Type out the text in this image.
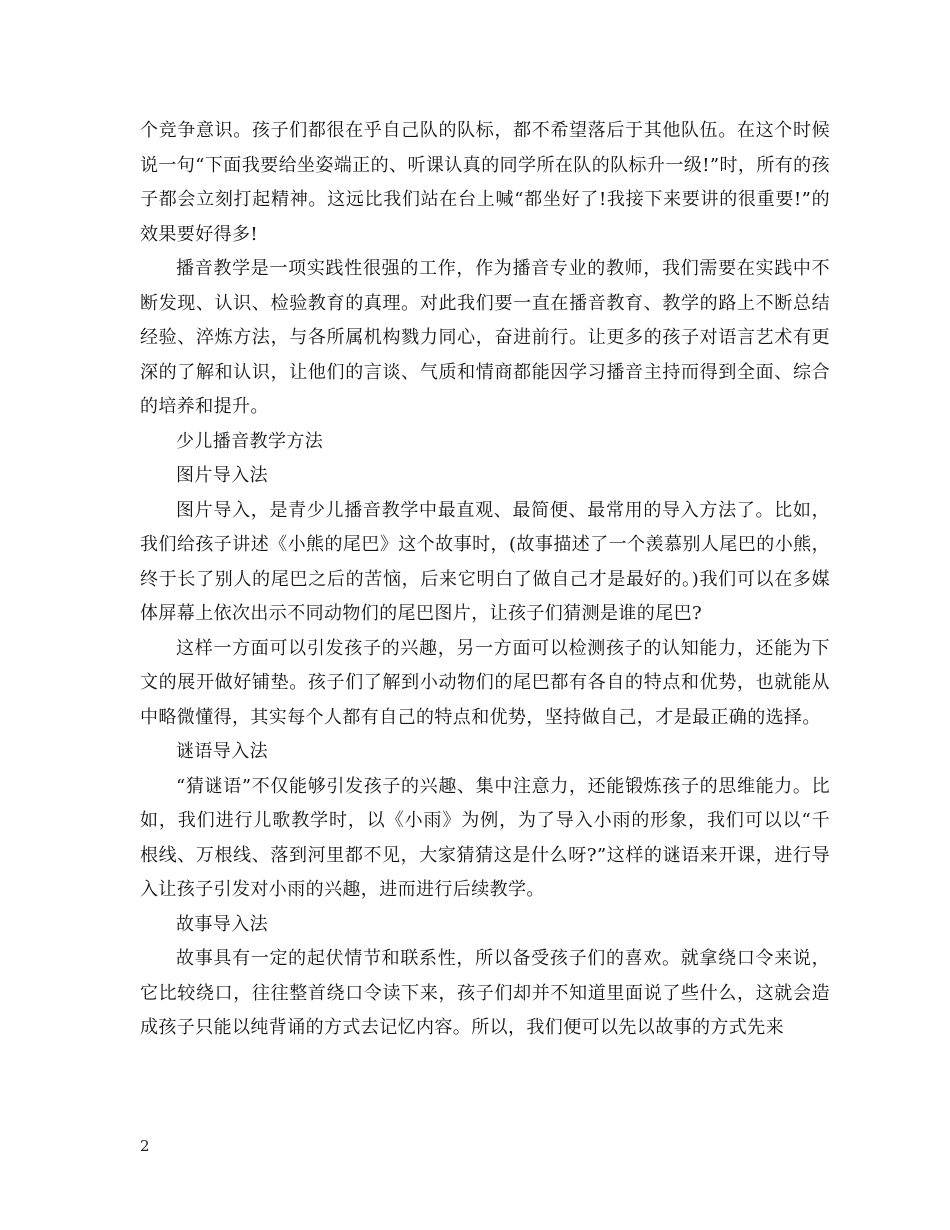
个竞争意识。孩子们都很在乎自己队的队标，都不希望落后于其他队伍。在这个时候说一句“下面我要给坐姿端正的、听课认真的同学所在队的队标升一级!”时，所有的孩子都会立刻打起精神。这远比我们站在台上喊“都坐好了!我接下来要讲的很重要!”的效果要好得多!

播音教学是一项实践性很强的工作，作为播音专业的教师，我们需要在实践中不断发现、认识、检验教育的真理。对此我们要一直在播音教育、教学的路上不断总结经验、淬炼方法，与各所属机构戮力同心，奋进前行。让更多的孩子对语言艺术有更深的了解和认识，让他们的言谈、气质和情商都能因学习播音主持而得到全面、综合的培养和提升。

少儿播音教学方法

图片导入法

图片导入，是青少儿播音教学中最直观、最简便、最常用的导入方法了。比如，我们给孩子讲述《小熊的尾巴》这个故事时，(故事描述了一个羡慕别人尾巴的小熊，终于长了别人的尾巴之后的苦恼，后来它明白了做自己才是最好的。)我们可以在多媒体屏幕上依次出示不同动物们的尾巴图片，让孩子们猜测是谁的尾巴?

这样一方面可以引发孩子的兴趣，另一方面可以检测孩子的认知能力，还能为下文的展开做好铺垫。孩子们了解到小动物们的尾巴都有各自的特点和优势，也就能从中略微懂得，其实每个人都有自己的特点和优势，坚持做自己，才是最正确的选择。

谜语导入法

“猜谜语”不仅能够引发孩子的兴趣、集中注意力，还能锻炼孩子的思维能力。比如，我们进行儿歌教学时，以《小雨》为例，为了导入小雨的形象，我们可以以“千根线、万根线、落到河里都不见，大家猜猜这是什么呀?”这样的谜语来开课，进行导入让孩子引发对小雨的兴趣，进而进行后续教学。

故事导入法

故事具有一定的起伏情节和联系性，所以备受孩子们的喜欢。就拿绕口令来说，它比较绕口，往往整首绕口令读下来，孩子们却并不知道里面说了些什么，这就会造成孩子只能以纯背诵的方式去记忆内容。所以，我们便可以先以故事的方式先来

2
